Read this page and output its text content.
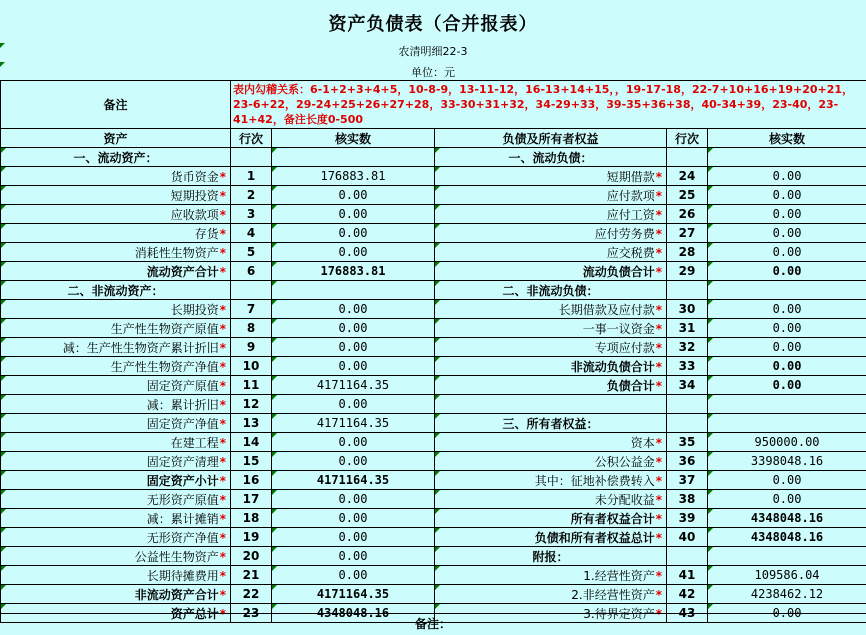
资产负债表（合并报表）
农清明细22-3
单位：元
备注	表内勾稽关系：6-1+2+3+4+5，10-8-9，13-11-12，16-13+14+15，，19-17-18，22-7+10+16+19+20+21，23-6+22，29-24+25+26+27+28，33-30+31+32，34-29+33，39-35+36+38，40-34+39，23-40，23-41+42，备注长度0-500				
资产	行次	核实数	负债及所有者权益	行次	核实数
一、流动资产：			一、流动负债：		
货币资金*	1	176883.81	短期借款*	24	0.00
短期投资*	2	0.00	应付款项*	25	0.00
应收款项*	3	0.00	应付工资*	26	0.00
存货*	4	0.00	应付劳务费*	27	0.00
消耗性生物资产*	5	0.00	应交税费*	28	0.00
流动资产合计*	6	176883.81	流动负债合计*	29	0.00
二、非流动资产：			二、非流动负债：		
长期投资*	7	0.00	长期借款及应付款*	30	0.00
生产性生物资产原值*	8	0.00	一事一议资金*	31	0.00
减：生产性生物资产累计折旧*	9	0.00	专项应付款*	32	0.00
生产性生物资产净值*	10	0.00	非流动负债合计*	33	0.00
固定资产原值*	11	4171164.35	负债合计*	34	0.00
减：累计折旧*	12	0.00			
固定资产净值*	13	4171164.35	三、所有者权益：		
在建工程*	14	0.00	资本*	35	950000.00
固定资产清理*	15	0.00	公积公益金*	36	3398048.16
固定资产小计*	16	4171164.35	其中：征地补偿费转入*	37	0.00
无形资产原值*	17	0.00	未分配收益*	38	0.00
减：累计摊销*	18	0.00	所有者权益合计*	39	4348048.16
无形资产净值*	19	0.00	负债和所有者权益总计*	40	4348048.16
公益性生物资产*	20	0.00	附报：		
长期待摊费用*	21	0.00	1.经营性资产*	41	109586.04
非流动资产合计*	22	4171164.35	2.非经营性资产*	42	4238462.12
资产总计*	23	4348048.16	3.待界定资产*	43	0.00
备注：
